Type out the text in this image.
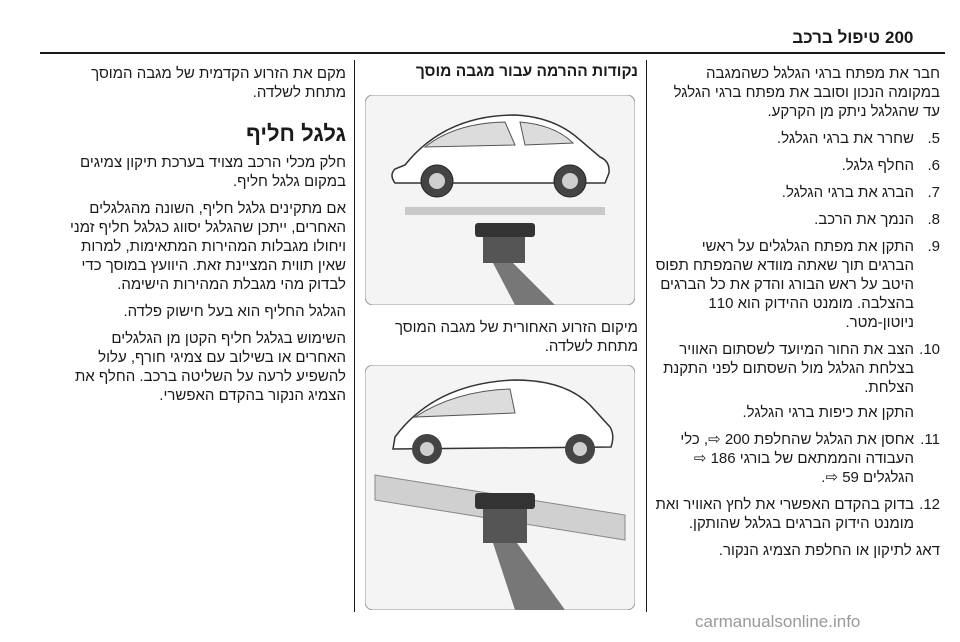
200
טיפול ברכב

חבר את מפתח ברגי הגלגל כשהמגבה במקומה הנכון וסובב את מפתח ברגי הגלגל עד שהגלגל ניתק מן הקרקע.

5.
שחרר את ברגי הגלגל.
6.
החלף גלגל.
7.
הברג את ברגי הגלגל.
8.
הנמך את הרכב.
9.
התקן את מפתח הגלגלים על ראשי הברגים תוך שאתה מוודא שהמפתח תפוס היטב על ראש הבורג והדק את כל הברגים בהצלבה. מומנט ההידוק הוא 110 ניוטון-מטר.
10.
הצב את החור המיועד לשסתום האוויר בצלחת הגלגל מול השסתום לפני התקנת הצלחת.
התקן את כיפות ברגי הגלגל.
11.
אחסן את הגלגל שהחלפת 200 ⇨, כלי העבודה והממתאם של בורגי 186 ⇨ הגלגלים 59 ⇨.
12.
בדוק בהקדם האפשרי את לחץ האוויר ואת מומנט הידוק הברגים בגלגל שהותקן.

דאג לתיקון או החלפת הצמיג הנקור.

נקודות ההרמה עבור מגבה מוסך
מיקום הזרוע האחורית של מגבה המוסך מתחת לשלדה.

מקם את הזרוע הקדמית של מגבה המוסך מתחת לשלדה.

גלגל חליף

חלק מכלי הרכב מצויד בערכת תיקון צמיגים במקום גלגל חליף.

אם מתקינים גלגל חליף, השונה מהגלגלים האחרים, ייתכן שהגלגל יסווג כגלגל חליף זמני ויחולו מגבלות המהירות המתאימות, למרות שאין תווית המציינת זאת. היוועץ במוסך כדי לבדוק מהי מגבלת המהירות הישימה.

הגלגל החליף הוא בעל חישוק פלדה.

השימוש בגלגל חליף הקטן מן הגלגלים האחרים או בשילוב עם צמיגי חורף, עלול להשפיע לרעה על השליטה ברכב. החלף את הצמיג הנקור בהקדם האפשרי.

carmanualsonline.info
